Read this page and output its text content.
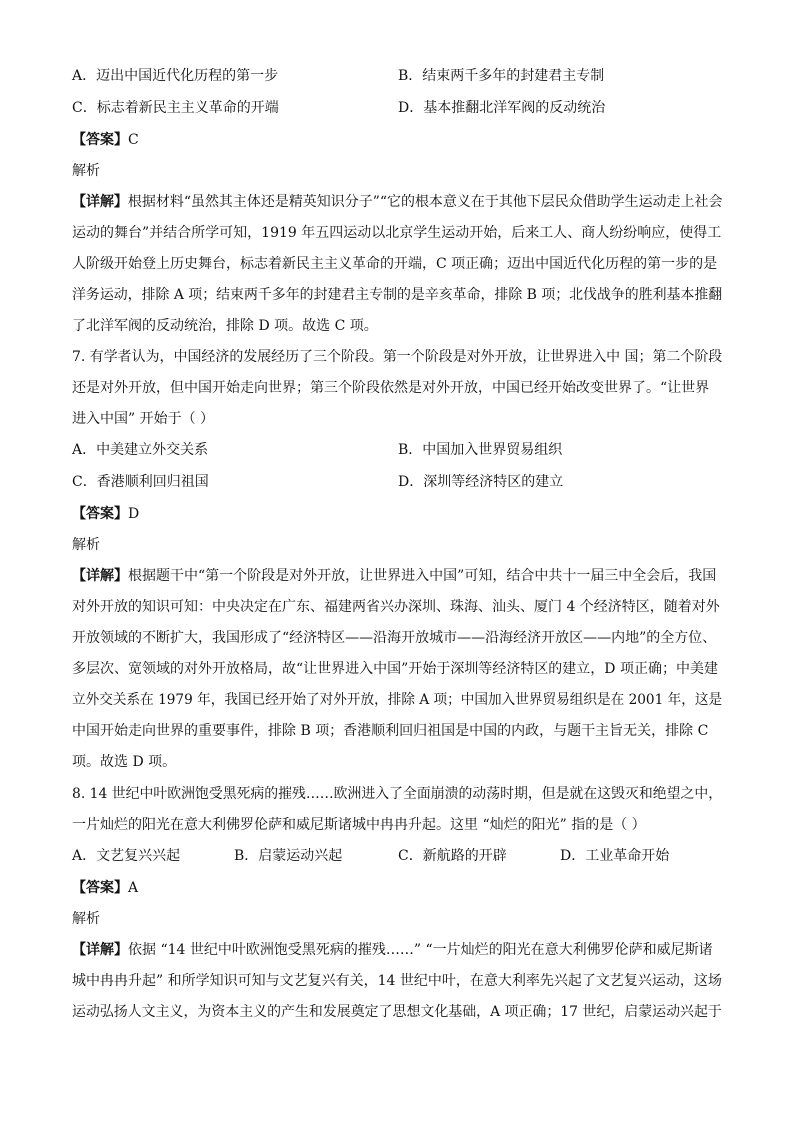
A．迈出中国近代化历程的第一步	B．结束两千多年的封建君主专制
C．标志着新民主主义革命的开端	D．基本推翻北洋军阀的反动统治
【答案】C
解析
【详解】根据材料“虽然其主体还是精英知识分子”“它的根本意义在于其他下层民众借助学生运动走上社会
运动的舞台”并结合所学可知，1919 年五四运动以北京学生运动开始，后来工人、商人纷纷响应，使得工
人阶级开始登上历史舞台，标志着新民主主义革命的开端，C 项正确；迈出中国近代化历程的第一步的是
洋务运动，排除 A 项；结束两千多年的封建君主专制的是辛亥革命，排除 B 项；北伐战争的胜利基本推翻
了北洋军阀的反动统治，排除 D 项。故选 C 项。
7. 有学者认为，中国经济的发展经历了三个阶段。第一个阶段是对外开放，让世界进入中 国；第二个阶段
还是对外开放，但中国开始走向世界；第三个阶段依然是对外开放，中国已经开始改变世界了。“让世界
进入中国” 开始于（ ）
A．中美建立外交关系	B．中国加入世界贸易组织
C．香港顺利回归祖国	D．深圳等经济特区的建立
【答案】D
解析
【详解】根据题干中“第一个阶段是对外开放，让世界进入中国”可知，结合中共十一届三中全会后，我国
对外开放的知识可知：中央决定在广东、福建两省兴办深圳、珠海、汕头、厦门 4 个经济特区，随着对外
开放领域的不断扩大，我国形成了“经济特区——沿海开放城市——沿海经济开放区——内地”的全方位、
多层次、宽领域的对外开放格局，故“让世界进入中国”开始于深圳等经济特区的建立，D 项正确；中美建
立外交关系在 1979 年，我国已经开始了对外开放，排除 A 项；中国加入世界贸易组织是在 2001 年，这是
中国开始走向世界的重要事件，排除 B 项；香港顺利回归祖国是中国的内政，与题干主旨无关，排除 C
项。故选 D 项。
8. 14 世纪中叶欧洲饱受黑死病的摧残……欧洲进入了全面崩溃的动荡时期，但是就在这毁灭和绝望之中，
一片灿烂的阳光在意大利佛罗伦萨和威尼斯诸城中冉冉升起。这里 “灿烂的阳光” 指的是（ ）
A．文艺复兴兴起	B．启蒙运动兴起	C．新航路的开辟	D．工业革命开始
【答案】A
解析
【详解】依据 “14 世纪中叶欧洲饱受黑死病的摧残……” “一片灿烂的阳光在意大利佛罗伦萨和威尼斯诸
城中冉冉升起” 和所学知识可知与文艺复兴有关，14 世纪中叶，在意大利率先兴起了文艺复兴运动，这场
运动弘扬人文主义，为资本主义的产生和发展奠定了思想文化基础，A 项正确；17 世纪，启蒙运动兴起于
